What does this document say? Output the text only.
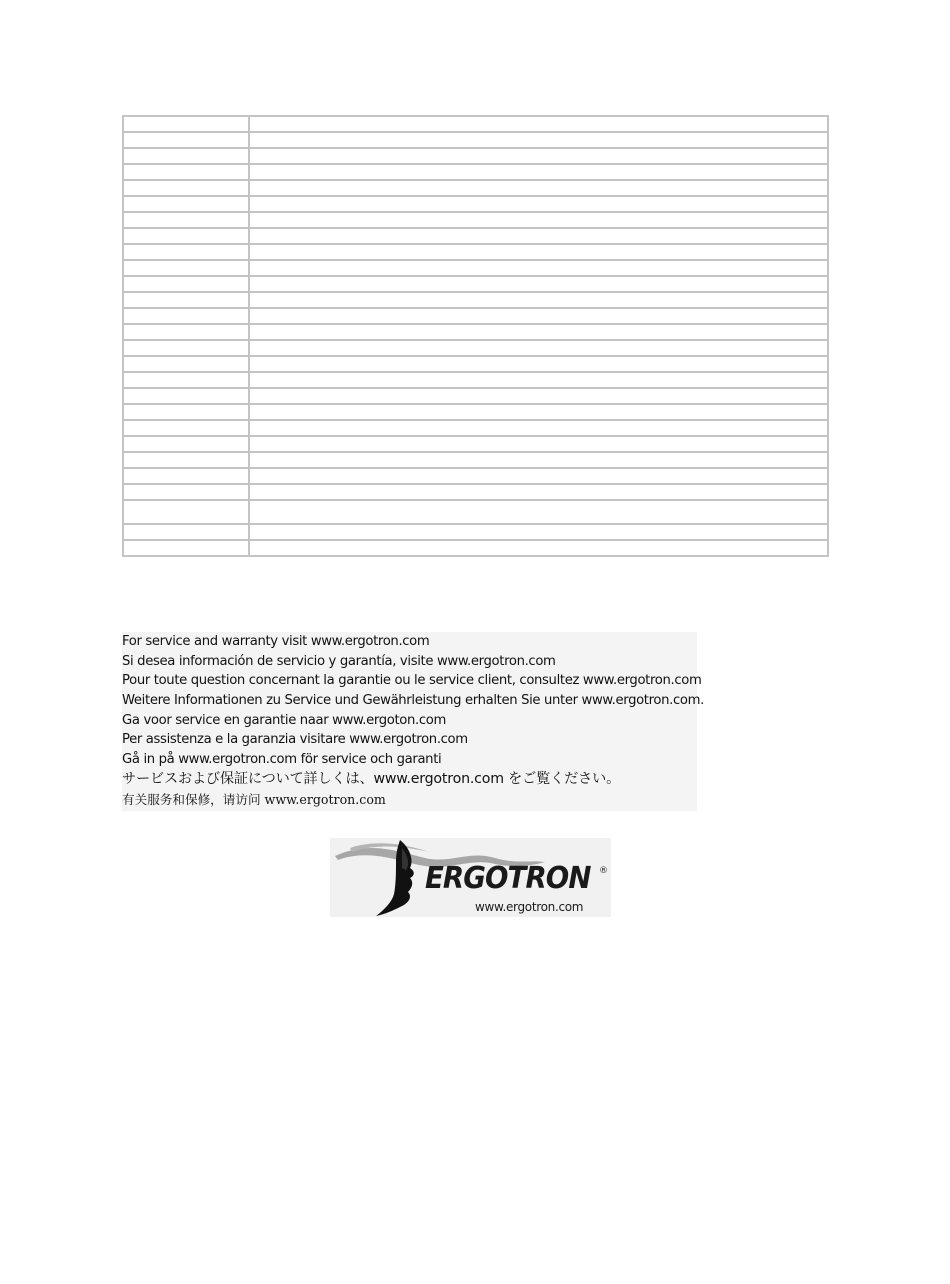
For service and warranty visit www.ergotron.com
Si desea información de servicio y garantía, visite www.ergotron.com
Pour toute question concernant la garantie ou le service client, consultez www.ergotron.com
Weitere Informationen zu Service und Gewährleistung erhalten Sie unter www.ergotron.com.
Ga voor service en garantie naar www.ergoton.com
Per assistenza e la garanzia visitare www.ergotron.com
Gå in på www.ergotron.com för service och garanti
サービスおよび保証について詳しくは、www.ergotron.com をご覧ください。
有关服务和保修，请访问 www.ergotron.com
ERGOTRON ®
www.ergotron.com
